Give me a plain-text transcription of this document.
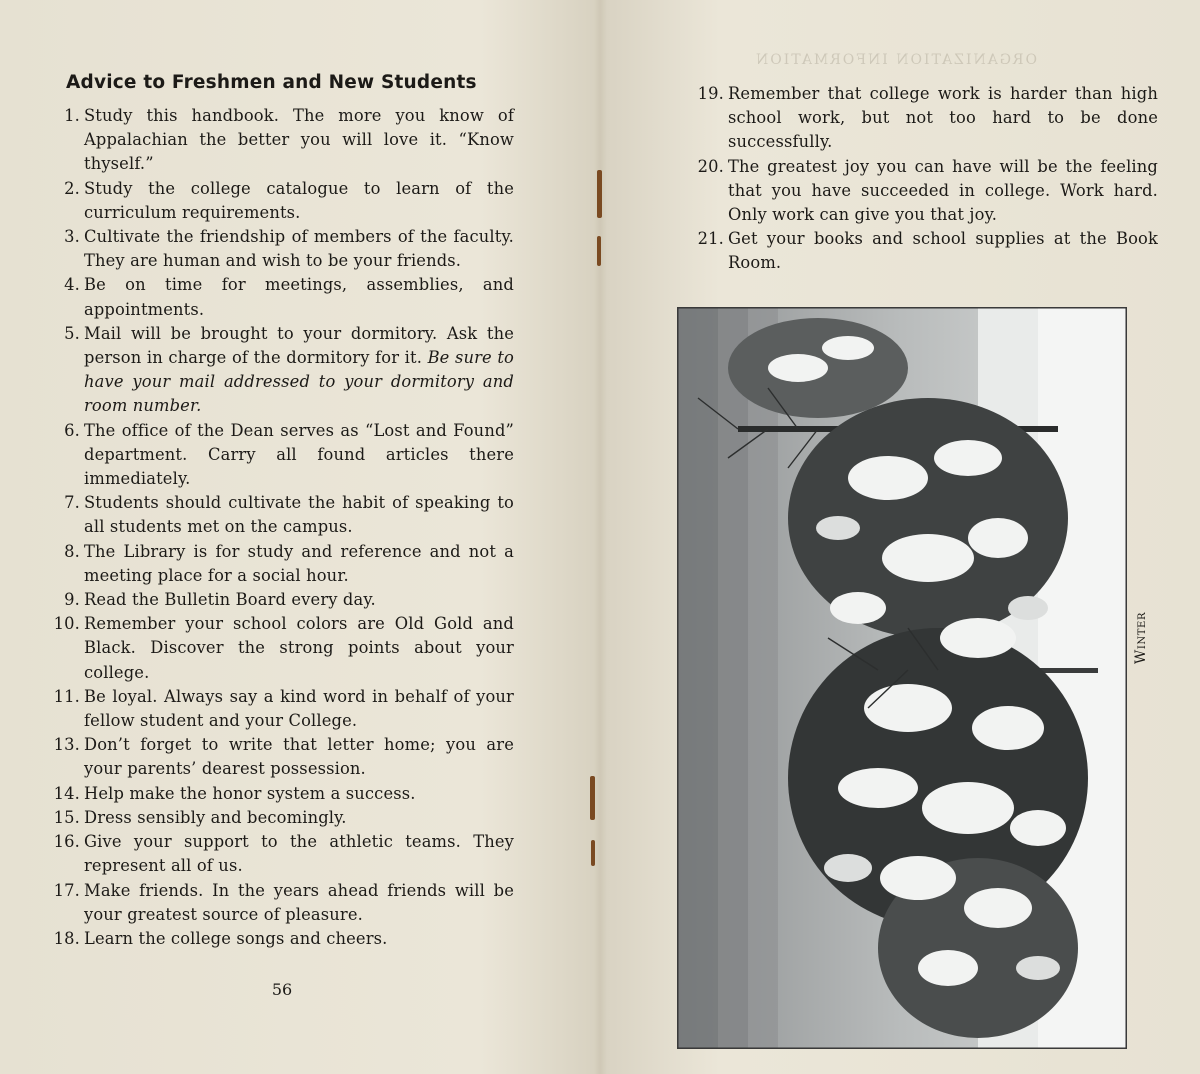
Advice to Freshmen and New Students
1. Study this handbook. The more you know of Appalachian the better you will love it. “Know thyself.”
2. Study the college catalogue to learn of the curriculum requirements.
3. Cultivate the friendship of members of the faculty. They are human and wish to be your friends.
4. Be on time for meetings, assemblies, and appointments.
5. Mail will be brought to your dormitory. Ask the person in charge of the dormitory for it. Be sure to have your mail addressed to your dormitory and room number.
6. The office of the Dean serves as “Lost and Found” department. Carry all found articles there immediately.
7. Students should cultivate the habit of speaking to all students met on the campus.
8. The Library is for study and reference and not a meeting place for a social hour.
9. Read the Bulletin Board every day.
10. Remember your school colors are Old Gold and Black. Discover the strong points about your college.
11. Be loyal. Always say a kind word in behalf of your fellow student and your College.
13. Don’t forget to write that letter home; you are your parents’ dearest possession.
14. Help make the honor system a success.
15. Dress sensibly and becomingly.
16. Give your support to the athletic teams. They represent all of us.
17. Make friends. In the years ahead friends will be your greatest source of pleasure.
18. Learn the college songs and cheers.
56
ORGANIZATION INFORMATION
19. Remember that college work is harder than high school work, but not too hard to be done successfully.
20. The greatest joy you can have will be the feeling that you have succeeded in college. Work hard. Only work can give you that joy.
21. Get your books and school supplies at the Book Room.
Winter
